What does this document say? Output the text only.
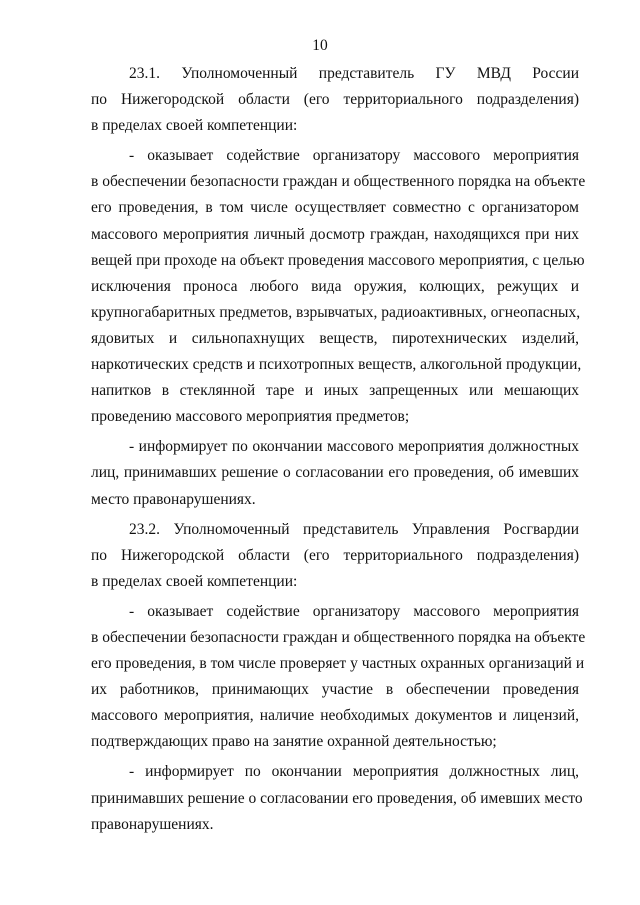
10

23.1. Уполномоченный представитель ГУ МВД России
по Нижегородской области (его территориального подразделения)
в пределах своей компетенции:

- оказывает содействие организатору массового мероприятия
в обеспечении безопасности граждан и общественного порядка на объекте
его проведения, в том числе осуществляет совместно с организатором
массового мероприятия личный досмотр граждан, находящихся при них
вещей при проходе на объект проведения массового мероприятия, с целью
исключения проноса любого вида оружия, колющих, режущих и
крупногабаритных предметов, взрывчатых, радиоактивных, огнеопасных,
ядовитых и сильнопахнущих веществ, пиротехнических изделий,
наркотических средств и психотропных веществ, алкогольной продукции,
напитков в стеклянной таре и иных запрещенных или мешающих
проведению массового мероприятия предметов;

- информирует по окончании массового мероприятия должностных
лиц, принимавших решение о согласовании его проведения, об имевших
место правонарушениях.

23.2. Уполномоченный представитель Управления Росгвардии
по Нижегородской области (его территориального подразделения)
в пределах своей компетенции:

- оказывает содействие организатору массового мероприятия
в обеспечении безопасности граждан и общественного порядка на объекте
его проведения, в том числе проверяет у частных охранных организаций и
их работников, принимающих участие в обеспечении проведения
массового мероприятия, наличие необходимых документов и лицензий,
подтверждающих право на занятие охранной деятельностью;

- информирует по окончании мероприятия должностных лиц,
принимавших решение о согласовании его проведения, об имевших место
правонарушениях.
